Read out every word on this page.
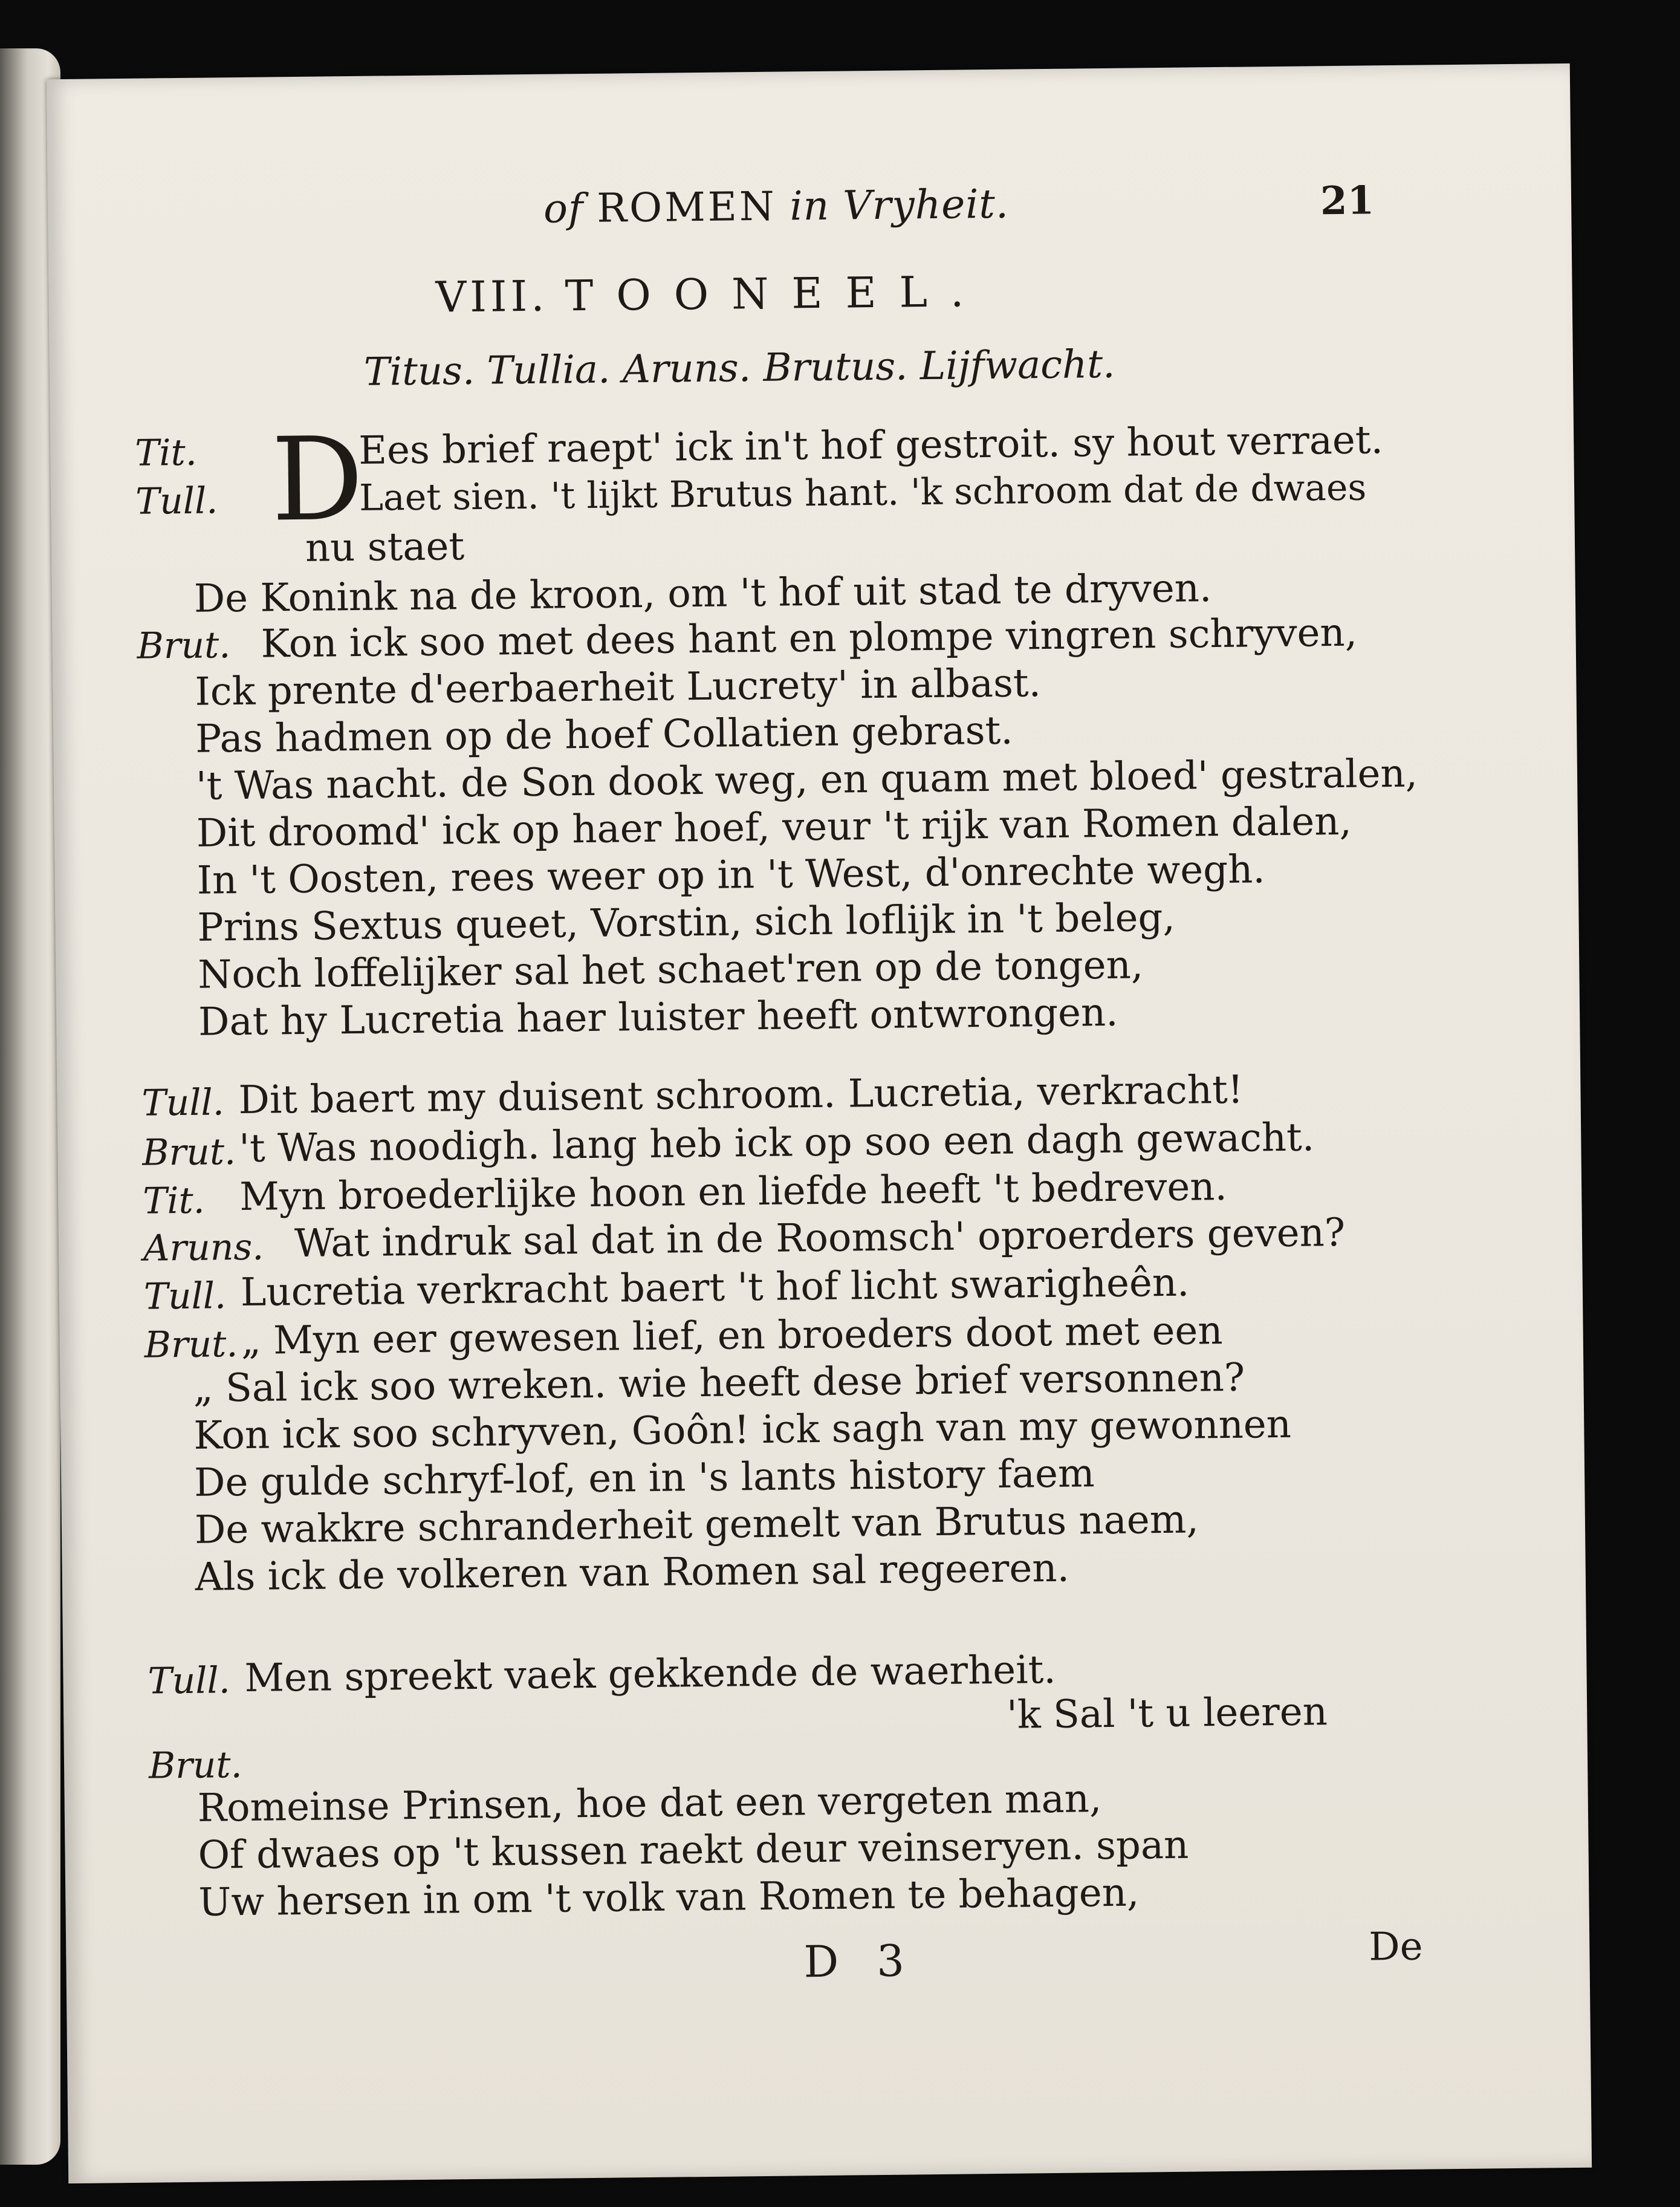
of ROMEN in Vryheit.	21
VIII. TOONEEL.
Titus. Tullia. Aruns. Brutus. Lijfwacht.
D
Tit.
Tull.
Brut.
Tull.
Brut.
Tit.
Aruns.
Tull.
Brut.
Tull.
Brut.
Ees brief raept' ick in't hof gestroit. sy hout verraet.
Laet sien. 't lijkt Brutus hant. 'k schroom dat de dwaes
nu staet
De Konink na de kroon, om 't hof uit stad te dryven.
Kon ick soo met dees hant en plompe vingren schryven,
Ick prente d'eerbaerheit Lucrety' in albast.
Pas hadmen op de hoef Collatien gebrast.
't Was nacht. de Son dook weg, en quam met bloed' gestralen,
Dit droomd' ick op haer hoef, veur 't rijk van Romen dalen,
In 't Oosten, rees weer op in 't West, d'onrechte wegh.
Prins Sextus queet, Vorstin, sich loflijk in 't beleg,
Noch loffelijker sal het schaet'ren op de tongen,
Dat hy Lucretia haer luister heeft ontwrongen.
Dit baert my duisent schroom. Lucretia, verkracht!
't Was noodigh. lang heb ick op soo een dagh gewacht.
Myn broederlijke hoon en liefde heeft 't bedreven.
Wat indruk sal dat in de Roomsch' oproerders geven?
Lucretia verkracht baert 't hof licht swarigheên.
„ Myn eer gewesen lief, en broeders doot met een
„ Sal ick soo wreken. wie heeft dese brief versonnen?
Kon ick soo schryven, Goôn! ick sagh van my gewonnen
De gulde schryf-lof, en in 's lants history faem
De wakkre schranderheit gemelt van Brutus naem,
Als ick de volkeren van Romen sal regeeren.
Men spreekt vaek gekkende de waerheit.
'k Sal 't u leeren
Romeinse Prinsen, hoe dat een vergeten man,
Of dwaes op 't kussen raekt deur veinseryen. span
Uw hersen in om 't volk van Romen te behagen,
D 3	De
